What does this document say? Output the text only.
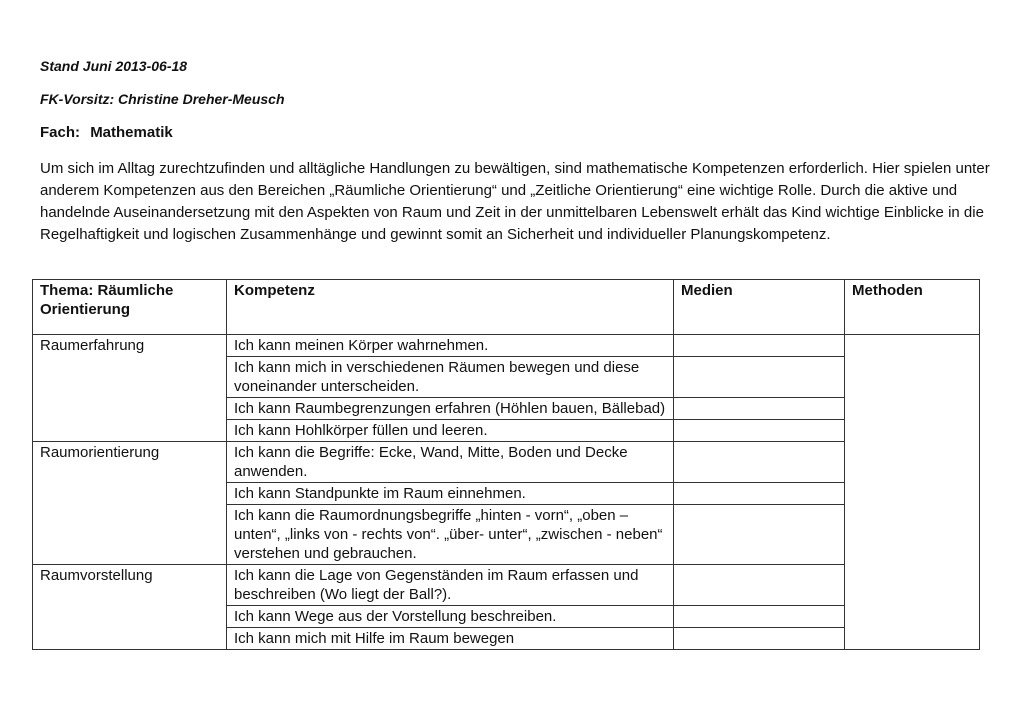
Stand Juni 2013-06-18
FK-Vorsitz: Christine Dreher-Meusch
Fach: Mathematik

Um sich im Alltag zurechtzufinden und alltägliche Handlungen zu bewältigen, sind mathematische Kompetenzen erforderlich. Hier spielen unter anderem Kompetenzen aus den Bereichen „Räumliche Orientierung“ und „Zeitliche Orientierung“ eine wichtige Rolle. Durch die aktive und handelnde Auseinandersetzung mit den Aspekten von Raum und Zeit in der unmittelbaren Lebenswelt erhält das Kind wichtige Einblicke in die Regelhaftigkeit und logischen Zusammenhänge und gewinnt somit an Sicherheit und individueller Planungskompetenz.

Thema: Räumliche Orientierung	Kompetenz	Medien	Methoden
Raumerfahrung	Ich kann meinen Körper wahrnehmen.		
	Ich kann mich in verschiedenen Räumen bewegen und diese voneinander unterscheiden.		
	Ich kann Raumbegrenzungen erfahren (Höhlen bauen, Bällebad)		
	Ich kann Hohlkörper füllen und leeren.		
Raumorientierung	Ich kann die Begriffe: Ecke, Wand, Mitte, Boden und Decke anwenden.		
	Ich kann Standpunkte im Raum einnehmen.		
	Ich kann die Raumordnungsbegriffe „hinten - vorn“, „oben – unten“, „links von - rechts von“. „über- unter“, „zwischen - neben“ verstehen und gebrauchen.		
Raumvorstellung	Ich kann die Lage von Gegenständen im Raum erfassen und beschreiben (Wo liegt der Ball?).		
	Ich kann Wege aus der Vorstellung beschreiben.		
	Ich kann mich mit Hilfe im Raum bewegen		
